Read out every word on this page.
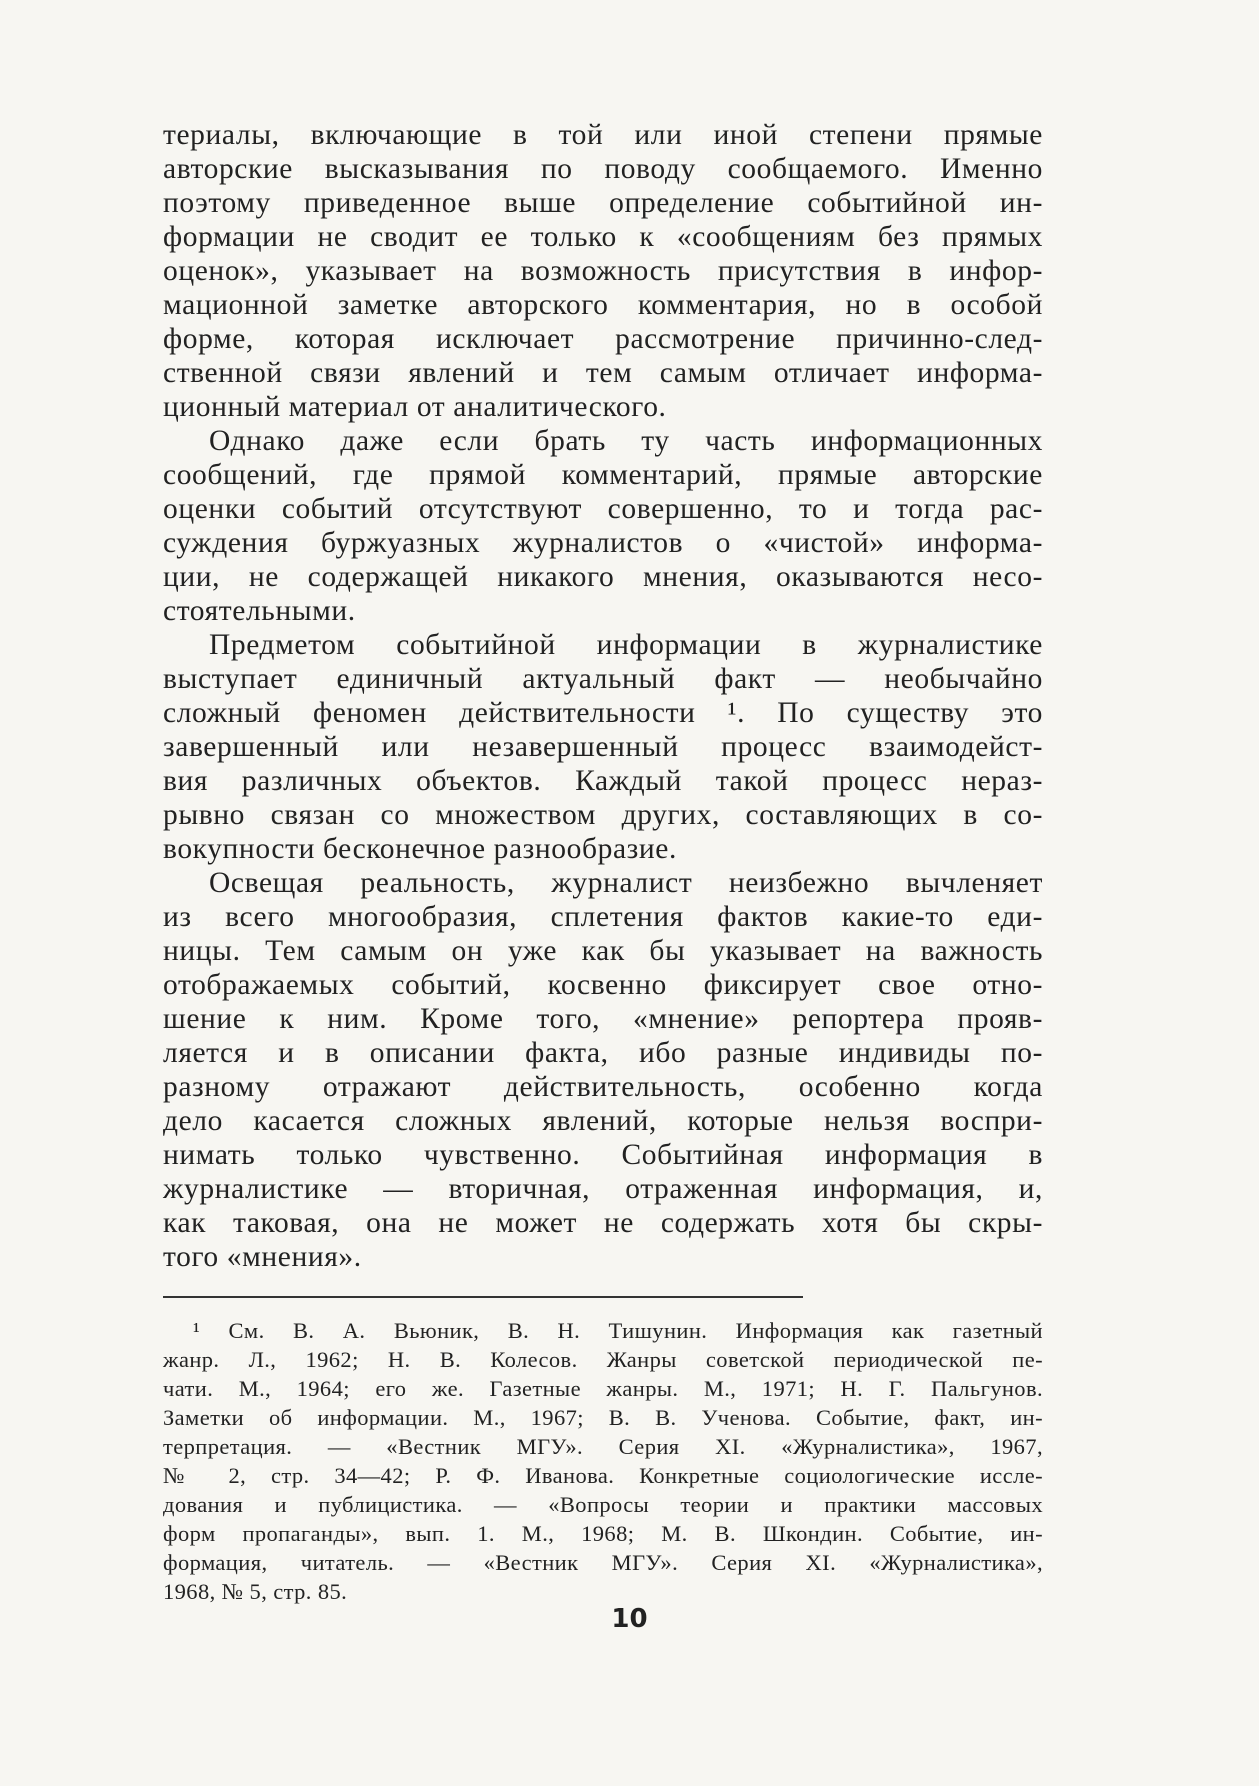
териалы, включающие в той или иной степени прямые
авторские высказывания по поводу сообщаемого. Именно
поэтому приведенное выше определение событийной ин-
формации не сводит ее только к «сообщениям без прямых
оценок», указывает на возможность присутствия в инфор-
мационной заметке авторского комментария, но в особой
форме, которая исключает рассмотрение причинно-след-
ственной связи явлений и тем самым отличает информа-
ционный материал от аналитического.
Однако даже если брать ту часть информационных
сообщений, где прямой комментарий, прямые авторские
оценки событий отсутствуют совершенно, то и тогда рас-
суждения буржуазных журналистов о «чистой» информа-
ции, не содержащей никакого мнения, оказываются несо-
стоятельными.
Предметом событийной информации в журналистике
выступает единичный актуальный факт — необычайно
сложный феномен действительности ¹. По существу это
завершенный или незавершенный процесс взаимодейст-
вия различных объектов. Каждый такой процесс нераз-
рывно связан со множеством других, составляющих в со-
вокупности бесконечное разнообразие.
Освещая реальность, журналист неизбежно вычленяет
из всего многообразия, сплетения фактов какие-то еди-
ницы. Тем самым он уже как бы указывает на важность
отображаемых событий, косвенно фиксирует свое отно-
шение к ним. Кроме того, «мнение» репортера прояв-
ляется и в описании факта, ибо разные индивиды по-
разному отражают действительность, особенно когда
дело касается сложных явлений, которые нельзя воспри-
нимать только чувственно. Событийная информация в
журналистике — вторичная, отраженная информация, и,
как таковая, она не может не содержать хотя бы скры-
того «мнения».
¹ См. В. А. Вьюник, В. Н. Тишунин. Информация как газетный
жанр. Л., 1962; Н. В. Колесов. Жанры советской периодической пе-
чати. М., 1964; его же. Газетные жанры. М., 1971; Н. Г. Пальгунов.
Заметки об информации. М., 1967; В. В. Ученова. Событие, факт, ин-
терпретация. — «Вестник МГУ». Серия XI. «Журналистика», 1967,
№ 2, стр. 34—42; Р. Ф. Иванова. Конкретные социологические иссле-
дования и публицистика. — «Вопросы теории и практики массовых
форм пропаганды», вып. 1. М., 1968; М. В. Шкондин. Событие, ин-
формация, читатель. — «Вестник МГУ». Серия XI. «Журналистика»,
1968, № 5, стр. 85.
10
